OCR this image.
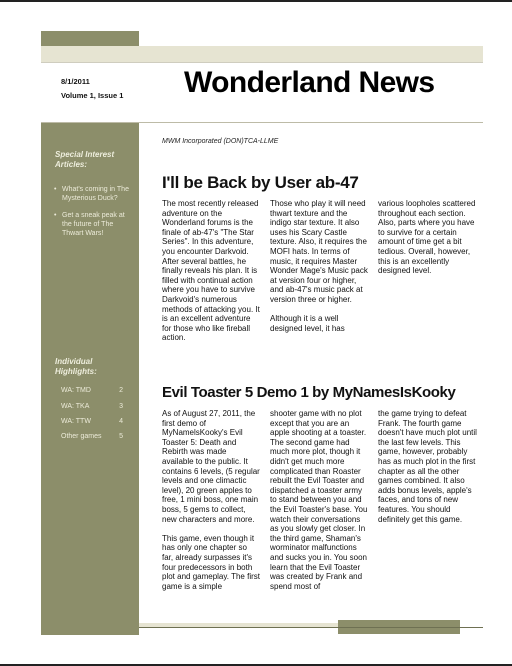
8/1/2011
Volume 1, Issue 1 Wonderland News
Special Interest Articles:
• What's coming in The Mysterious Duck?
• Get a sneak peak at the future of The Thwart Wars!
Individual Highlights:
WA: TMD	2
WA: TKA	3
WA: TTW	4
Other games	5
MWM Incorporated (DON)TCA-LLME
I'll be Back by User ab-47

The most recently released adventure on the Wonderland forums is the finale of ab-47's "The Star Series". In this adventure, you encounter Darkvoid. After several battles, he finally reveals his plan. It is filled with continual action where you have to survive Darkvoid's numerous methods of attacking you. It is an excellent adventure for those who like fireball action.

Those who play it will need thwart texture and the indigo star texture. It also uses his Scary Castle texture. Also, it requires the MOFI hats. In terms of music, it requires Master Wonder Mage's Music pack at version four or higher, and ab-47's music pack at version three or higher.

Although it is a well designed level, it has

various loopholes scattered throughout each section. Also, parts where you have to survive for a certain amount of time get a bit tedious. Overall, however, this is an excellently designed level.

Evil Toaster 5 Demo 1 by MyNamesIsKooky

As of August 27, 2011, the first demo of MyNamelsKooky's Evil Toaster 5: Death and Rebirth was made available to the public. It contains 6 levels, (5 regular levels and one climactic level), 20 green apples to free, 1 mini boss, one main boss, 5 gems to collect, new characters and more.

This game, even though it has only one chapter so far, already surpasses it's four predecessors in both plot and gameplay. The first game is a simple

shooter game with no plot except that you are an apple shooting at a toaster. The second game had much more plot, though it didn't get much more complicated than Roaster rebuilt the Evil Toaster and dispatched a toaster army to stand between you and the Evil Toaster's base. You watch their conversations as you slowly get closer. In the third game, Shaman's worminator malfunctions and sucks you in. You soon learn that the Evil Toaster was created by Frank and spend most of

the game trying to defeat Frank. The fourth game doesn't have much plot until the last few levels. This game, however, probably has as much plot in the first chapter as all the other games combined. It also adds bonus levels, apple's faces, and tons of new features. You should definitely get this game.
